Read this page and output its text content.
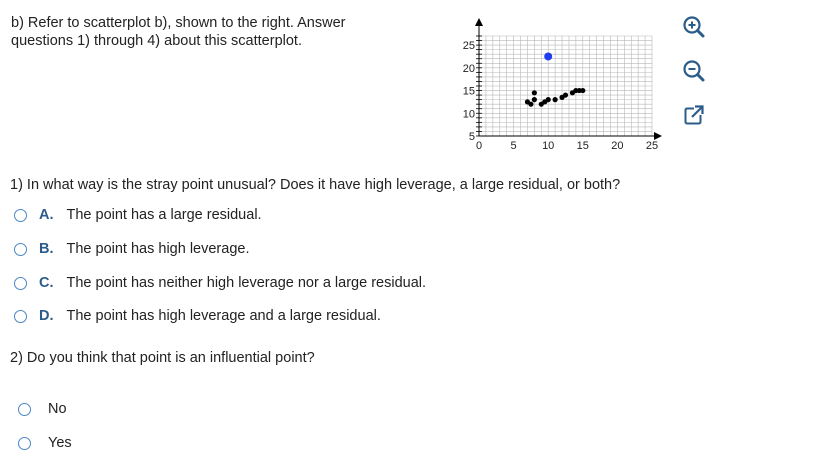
b) Refer to scatterplot b), shown to the right. Answer
questions 1) through 4) about this scatterplot.
0	5 10 15 20 25
5
10
15
20
25
1) In what way is the stray point unusual? Does it have high leverage, a large residual, or both?
A. The point has a large residual.
B. The point has high leverage.
C. The point has neither high leverage nor a large residual.
D. The point has high leverage and a large residual.
2) Do you think that point is an influential point?
No
Yes
